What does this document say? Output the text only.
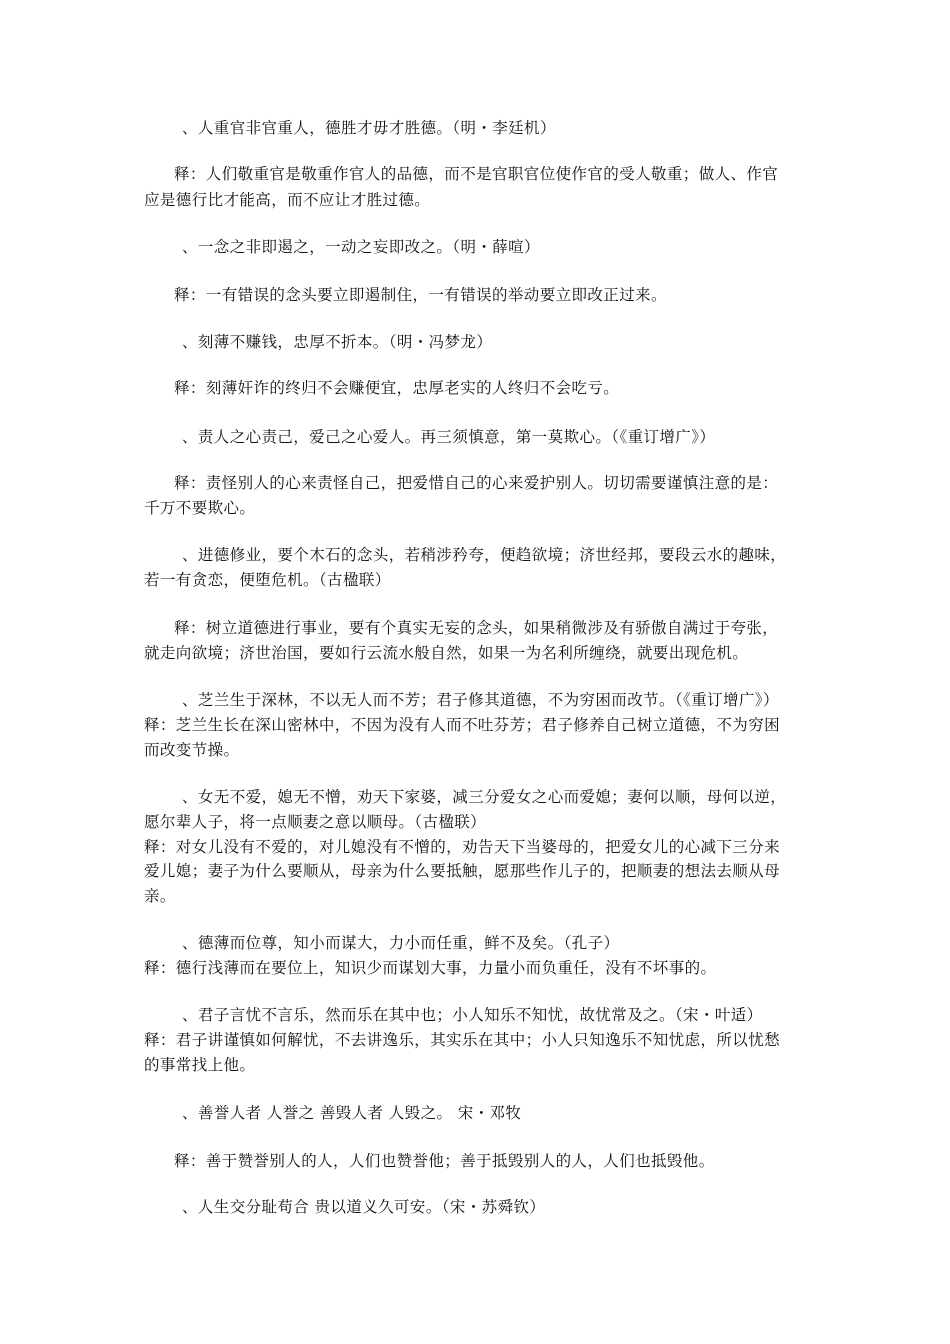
、人重官非官重人，德胜才毋才胜德。（明・李廷机）
释：人们敬重官是敬重作官人的品德，而不是官职官位使作官的受人敬重；做人、作官
应是德行比才能高，而不应让才胜过德。
、一念之非即遏之，一动之妄即改之。（明・薛喧）
释：一有错误的念头要立即遏制住，一有错误的举动要立即改正过来。
、刻薄不赚钱，忠厚不折本。（明・冯梦龙）
释：刻薄奸诈的终归不会赚便宜，忠厚老实的人终归不会吃亏。
、责人之心责己，爱己之心爱人。再三须慎意，第一莫欺心。（《重订增广》）
释：责怪别人的心来责怪自己，把爱惜自己的心来爱护别人。切切需要谨慎注意的是：
千万不要欺心。
、进德修业，要个木石的念头，若稍涉矜夸，便趋欲境；济世经邦，要段云水的趣味，
若一有贪恋，便堕危机。（古楹联）
释：树立道德进行事业，要有个真实无妄的念头，如果稍微涉及有骄傲自满过于夸张，
就走向欲境；济世治国，要如行云流水般自然，如果一为名利所缠绕，就要出现危机。
、芝兰生于深林，不以无人而不芳；君子修其道德，不为穷困而改节。（《重订增广》）
释：芝兰生长在深山密林中，不因为没有人而不吐芬芳；君子修养自己树立道德，不为穷困
而改变节操。
、女无不爱，媳无不憎，劝天下家婆，减三分爱女之心而爱媳；妻何以顺，母何以逆，
愿尔辈人子，将一点顺妻之意以顺母。（古楹联）
释：对女儿没有不爱的，对儿媳没有不憎的，劝告天下当婆母的，把爱女儿的心减下三分来
爱儿媳；妻子为什么要顺从，母亲为什么要抵触，愿那些作儿子的，把顺妻的想法去顺从母
亲。
、德薄而位尊，知小而谋大，力小而任重，鲜不及矣。（孔子）
释：德行浅薄而在要位上，知识少而谋划大事，力量小而负重任，没有不坏事的。
、君子言忧不言乐，然而乐在其中也；小人知乐不知忧，故忧常及之。（宋・叶适）
释：君子讲谨慎如何解忧，不去讲逸乐，其实乐在其中；小人只知逸乐不知忧虑，所以忧愁
的事常找上他。
、善誉人者 人誉之 善毁人者 人毁之。 宋・邓牧
释：善于赞誉别人的人，人们也赞誉他；善于抵毁别人的人，人们也抵毁他。
、人生交分耻苟合 贵以道义久可安。（宋・苏舜钦）
